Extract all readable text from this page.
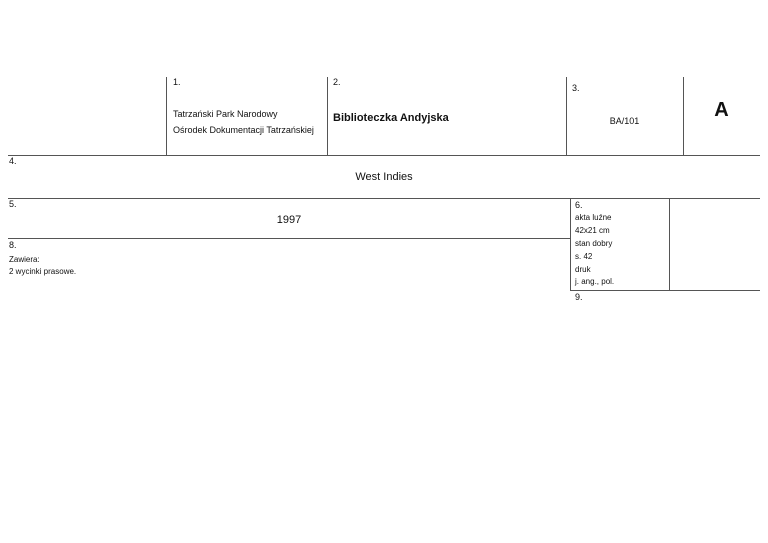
1.
Tatrzański Park Narodowy
Ośrodek Dokumentacji Tatrzańskiej
2.
Biblioteczka Andyjska
3.
BA/101	A
4.
West Indies
5.
1997
6.
akta luźne
42x21 cm
stan dobry
s. 42
druk
j. ang., pol.
8.
Zawiera:
2 wycinki prasowe.
9.
